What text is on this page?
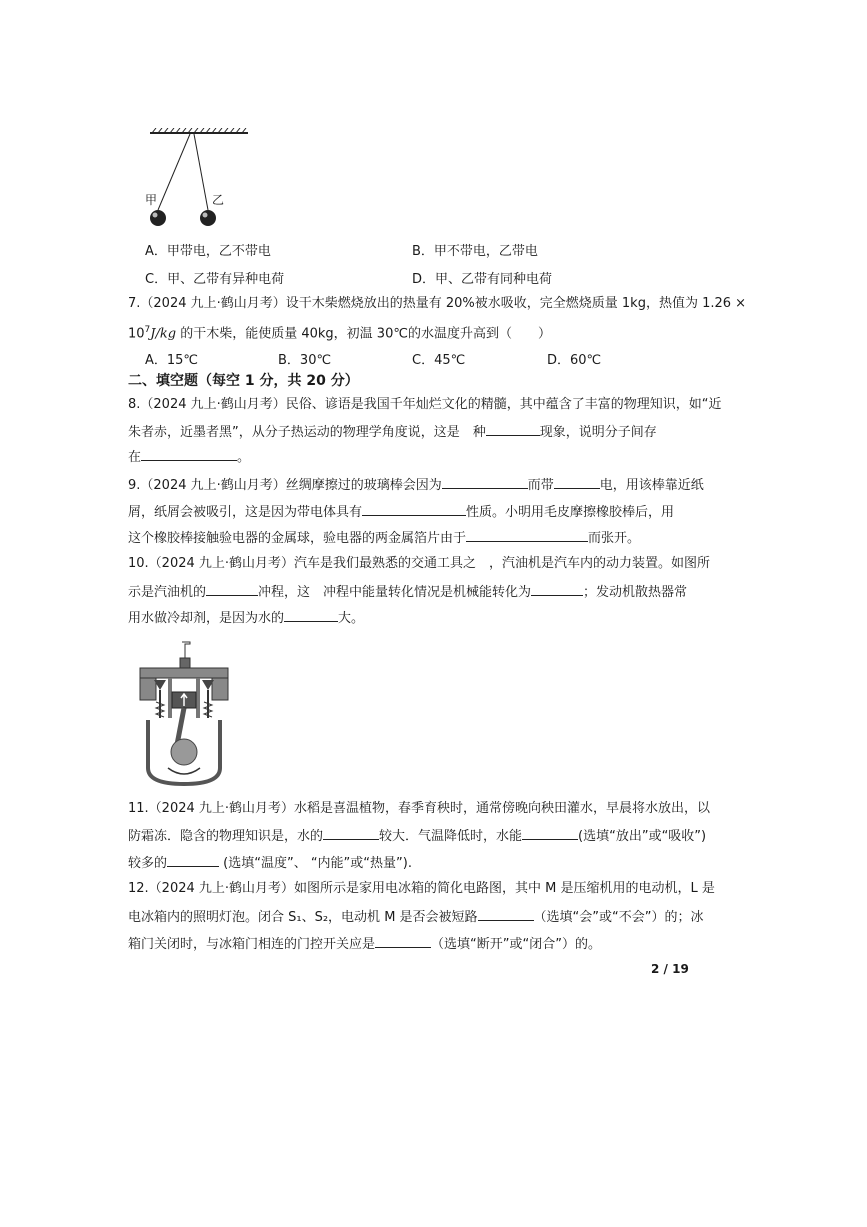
甲	乙
A．甲带电，乙不带电	B．甲不带电，乙带电
C．甲、乙带有异种电荷	D．甲、乙带有同种电荷
7.（2024 九上·鹤山月考）设干木柴燃烧放出的热量有 20%被水吸收，完全燃烧质量 1kg，热值为 1.26 ×
$10^7J/kg$ 的干木柴，能使质量 40kg，初温 30℃的水温度升高到（　　）
A．15℃	B．30℃	C．45℃	D．60℃
二、填空题（每空 1 分，共 20 分）
8.（2024 九上·鹤山月考）民俗、谚语是我国千年灿烂文化的精髓，其中蕴含了丰富的物理知识，如“近
朱者赤，近墨者黑”，从分子热运动的物理学角度说，这是　种	现象，说明分子间存
在	。
9.（2024 九上·鹤山月考）丝绸摩擦过的玻璃棒会因为	而带	电，用该棒靠近纸
屑，纸屑会被吸引，这是因为带电体具有	性质。小明用毛皮摩擦橡胶棒后，用
这个橡胶棒接触验电器的金属球，验电器的两金属箔片由于	而张开。
10.（2024 九上·鹤山月考）汽车是我们最熟悉的交通工具之　，汽油机是汽车内的动力装置。如图所
示是汽油机的	冲程，这　冲程中能量转化情况是机械能转化为	；发动机散热器常
用水做冷却剂，是因为水的	大。
11.（2024 九上·鹤山月考）水稻是喜温植物，春季育秧时，通常傍晚向秧田灌水，早晨将水放出，以
防霜冻．隐含的物理知识是，水的	较大．气温降低时，水能	(选填“放出”或“吸收”)
较多的	(选填“温度”、 “内能”或“热量”).
12.（2024 九上·鹤山月考）如图所示是家用电冰箱的简化电路图，其中 M 是压缩机用的电动机，L 是
电冰箱内的照明灯泡。闭合 S₁、S₂，电动机 M 是否会被短路	（选填“会”或“不会”）的；冰
箱门关闭时，与冰箱门相连的门控开关应是	（选填“断开”或“闭合”）的。
2 / 19
